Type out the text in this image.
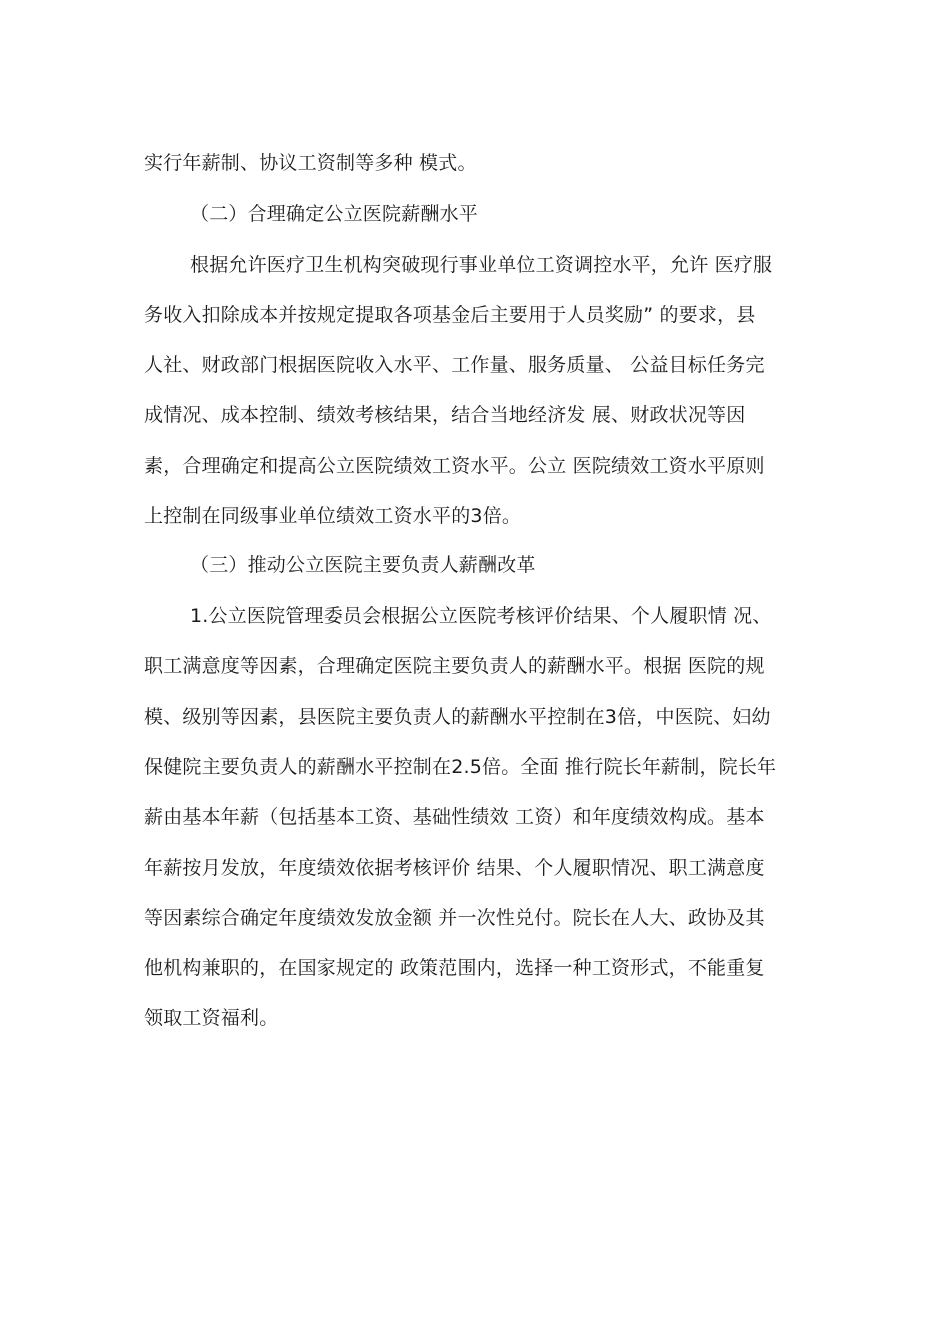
实行年薪制、协议工资制等多种 模式。

（二）合理确定公立医院薪酬水平

根据允许医疗卫生机构突破现行事业单位工资调控水平，允许 医疗服

务收入扣除成本并按规定提取各项基金后主要用于人员奖励” 的要求，县

人社、财政部门根据医院收入水平、工作量、服务质量、 公益目标任务完

成情况、成本控制、绩效考核结果，结合当地经济发 展、财政状况等因

素，合理确定和提高公立医院绩效工资水平。公立 医院绩效工资水平原则

上控制在同级事业单位绩效工资水平的3倍。

（三）推动公立医院主要负责人薪酬改革

1.公立医院管理委员会根据公立医院考核评价结果、个人履职情 况、

职工满意度等因素，合理确定医院主要负责人的薪酬水平。根据 医院的规

模、级别等因素，县医院主要负责人的薪酬水平控制在3倍，中医院、妇幼

保健院主要负责人的薪酬水平控制在2.5倍。全面 推行院长年薪制，院长年

薪由基本年薪（包括基本工资、基础性绩效 工资）和年度绩效构成。基本

年薪按月发放，年度绩效依据考核评价 结果、个人履职情况、职工满意度

等因素综合确定年度绩效发放金额 并一次性兑付。院长在人大、政协及其

他机构兼职的，在国家规定的 政策范围内，选择一种工资形式，不能重复

领取工资福利。
